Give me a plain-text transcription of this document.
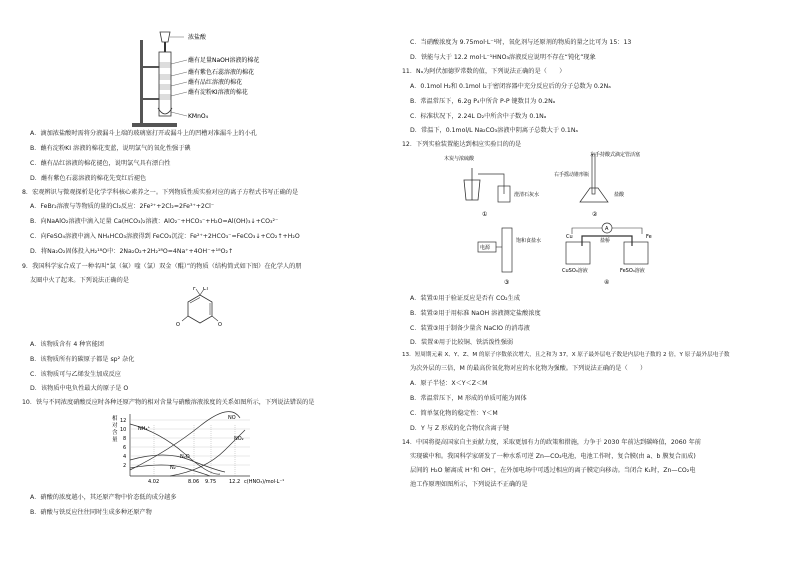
浓盐酸
蘸有足量NaOH溶液的棉花
蘸有紫色石蕊溶液的棉花
蘸有品红溶液的棉花
蘸有淀粉KI溶液的棉花
KMnO₄
A．滴加浓盐酸时需将分液漏斗上端的玻璃塞打开或漏斗上的凹槽对准漏斗上的小孔
B．蘸有淀粉KI 溶液的棉花变蓝，说明氯气的氧化性强于碘
C．蘸有品红溶液的棉花褪色，说明氯气具有漂白性
D．蘸有紫色石蕊溶液的棉花先变红后褪色
8．宏观辨识与微观探析是化学学科核心素养之一。下列物质性质实验对应的离子方程式书写正确的是
A．FeBr₂溶液与等物质的量的Cl₂反应：2Fe²⁺+2Cl₂=2Fe³⁺+2Cl⁻
B．向NaAlO₂溶液中滴入足量 Ca(HCO₃)₂溶液：AlO₂⁻+HCO₃⁻+H₂O=Al(OH)₃↓+CO₃²⁻
C．向FeSO₄溶液中滴入 NH₄HCO₃溶液得到 FeCO₃沉淀：Fe²⁺+2HCO₃⁻=FeCO₃↓+CO₂↑+H₂O
D．将Na₂O₂固体投入H₂¹⁸O中：2Na₂O₂+2H₂¹⁸O=4Na⁺+4OH⁻+¹⁸O₂↑
9．我国科学家合成了一种名叫“氯（氟）喹（氯）双金（醌）”的物质（结构简式如下图）在化学人的朋
友圈中火了起来。下列说法正确的是
F Cl
O	O
A．该物质含有 4 种官能团
B．该物质所有的碳原子都是 sp² 杂化
C．该物质可与乙烯发生加成反应
D．该物质中电负性最大的原子是 O
10．铁与不同浓度硝酸反应时各种还原产物的相对含量与硝酸溶液浓度的关系如图所示，下列说法错误的是
相
对
含
量
12
10
8
6
4
2
NH₄⁺
NO
NO₂
N₂O
N₂
4.02	8.06 9.75	12.2 c(HNO₃)/mol·L⁻¹
A．硝酸的浓度越小，其还原产物中价态低的成分越多
B．硝酸与铁反应往往同时生成多种还原产物
C．当硝酸浓度为 9.75mol·L⁻¹时，氧化剂与还原剂的物质的量之比可为 15：13
D．铁能与大于 12.2 mol·L⁻¹HNO₃溶液反应说明不存在“钝化”现象
11．Nₐ为阿伏加德罗常数的值，下列说法正确的是（　　）
A．0.1mol H₂和 0.1mol I₂于密闭容器中充分反应后的分子总数为 0.2Nₐ
B．常温常压下，6.2g P₄中所含 P-P 键数目为 0.2Nₐ
C．标准状况下，2.24L D₂中所含中子数为 0.1Nₐ
D．常温下，0.1mol/L Na₂CO₃溶液中阴离子总数大于 0.1Nₐ
12．下列实验装置能达到相应实验目的的是
木炭与浓硫酸
澄清石灰水
①
左手持酸式滴定管活塞
右手摇动锥形瓶
盐酸
②
电源
饱和食盐水
③
A
Cu	Fe
盐桥
CuSO₄溶液	FeSO₄溶液
④
A．装置①用于验证反应是否有 CO₂生成
B．装置②用于用标准 NaOH 溶液测定盐酸浓度
C．装置③用于制备少量含 NaClO 的消毒液
D．装置④用于比较铜、铁活泼性强弱
13．短周期元素 X、Y、Z、M 的原子序数依次增大，且之和为 37，X 原子最外层电子数是内层电子数的 2 倍，Y 原子最外层电子数
为次外层的三倍，M 的最高价氧化物对应的水化物为强酸。下列说法正确的是（　　）
A．原子半径：X＜Y＜Z＜M
B．常温常压下，M 形成的单质可能为固体
C．简单氢化物的稳定性：Y＜M
D．Y 与 Z 形成的化合物仅含离子键
14．中国将提高国家自主贡献力度，采取更加有力的政策和措施，力争于 2030 年前达到碳峰值，2060 年前
实现碳中和。我国科学家研发了一种水系可逆 Zn—CO₂电池，电池工作时，复合膜(由 a、b 膜复合而成)
层间的 H₂O 解离成 H⁺和 OH⁻，在外加电场中可透过相应的离子膜定向移动。当闭合 K₁时，Zn—CO₂电
池工作原理如图所示，下列说法不正确的是
